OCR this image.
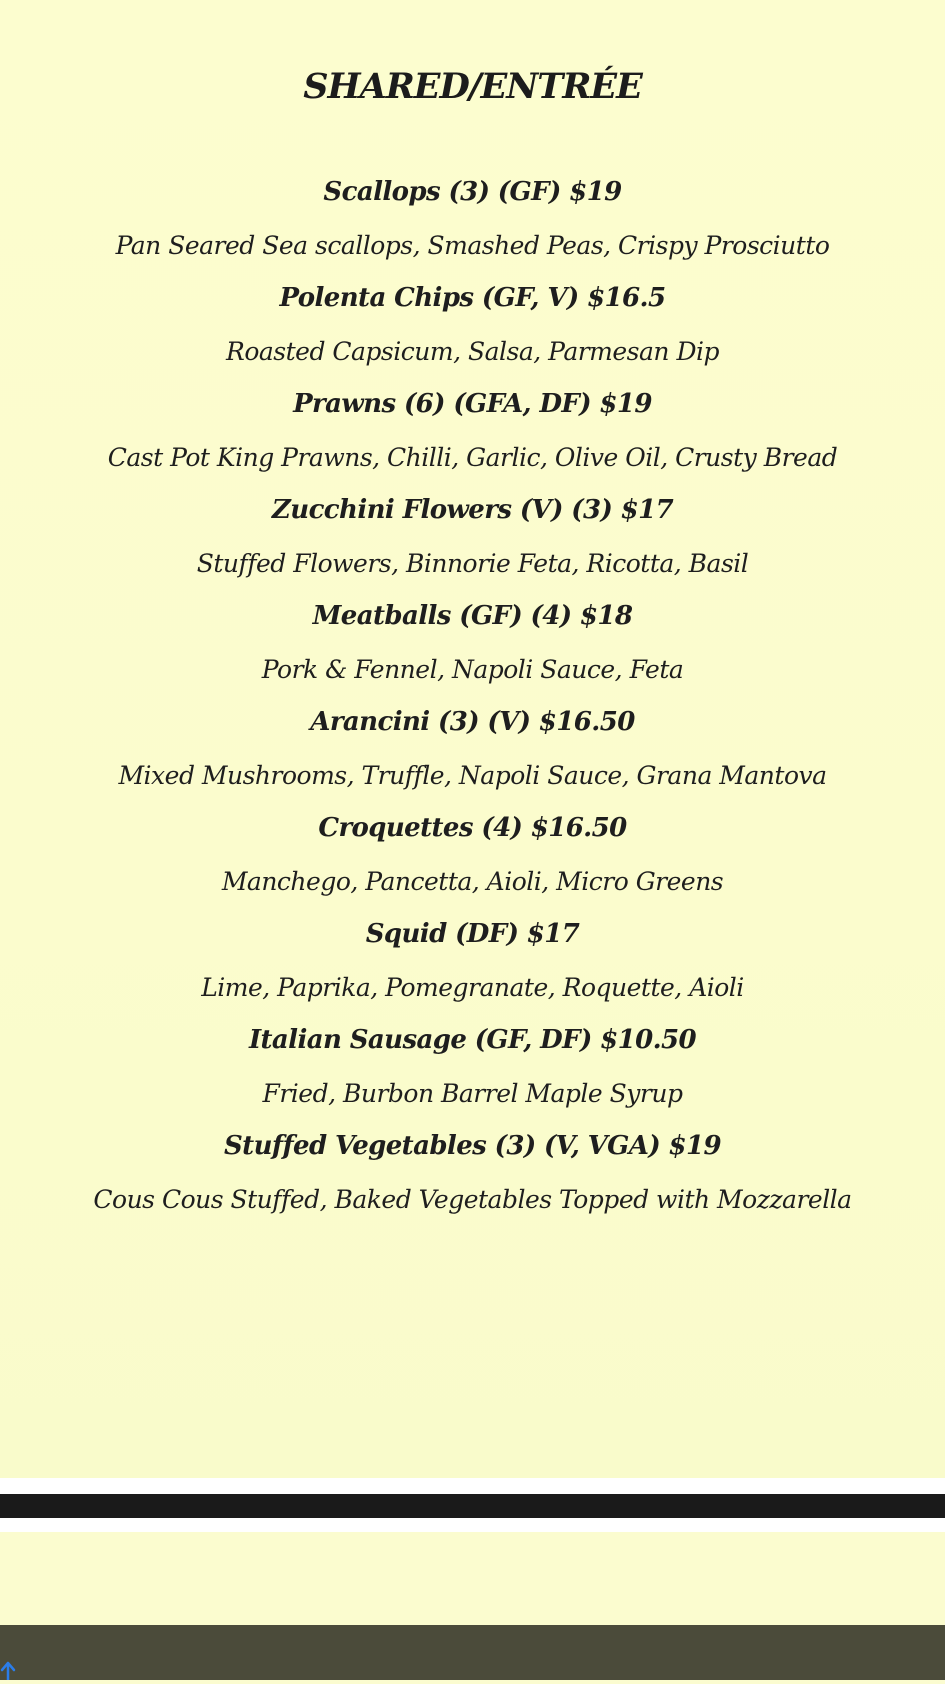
SHARED/ENTRÉE
Scallops (3) (GF) $19
Pan Seared Sea scallops, Smashed Peas, Crispy Prosciutto
Polenta Chips (GF, V) $16.5
Roasted Capsicum, Salsa, Parmesan Dip
Prawns (6) (GFA, DF) $19
Cast Pot King Prawns, Chilli, Garlic, Olive Oil, Crusty Bread
Zucchini Flowers (V) (3) $17
Stuffed Flowers, Binnorie Feta, Ricotta, Basil
Meatballs (GF) (4) $18
Pork & Fennel, Napoli Sauce, Feta
Arancini (3) (V) $16.50
Mixed Mushrooms, Truffle, Napoli Sauce, Grana Mantova
Croquettes (4) $16.50
Manchego, Pancetta, Aioli, Micro Greens
Squid (DF) $17
Lime, Paprika, Pomegranate, Roquette, Aioli
Italian Sausage (GF, DF) $10.50
Fried, Burbon Barrel Maple Syrup
Stuffed Vegetables (3) (V, VGA) $19
Cous Cous Stuffed, Baked Vegetables Topped with Mozzarella
